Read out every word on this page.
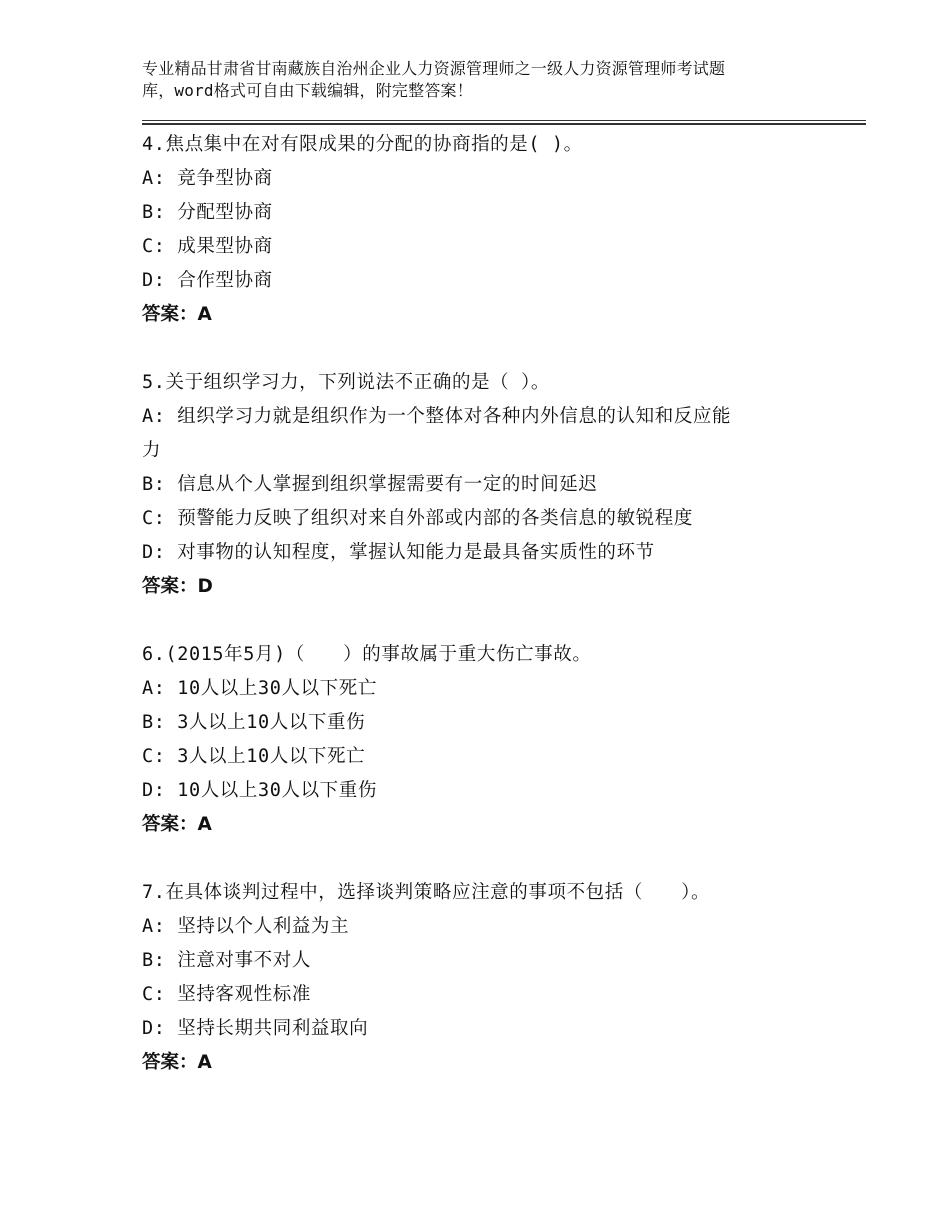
专业精品甘肃省甘南藏族自治州企业人力资源管理师之一级人力资源管理师考试题
库，word格式可自由下载编辑，附完整答案！
4.焦点集中在对有限成果的分配的协商指的是( )。
A: 竞争型协商
B: 分配型协商
C: 成果型协商
D: 合作型协商
答案：A
5.关于组织学习力，下列说法不正确的是（ ）。
A: 组织学习力就是组织作为一个整体对各种内外信息的认知和反应能
力
B: 信息从个人掌握到组织掌握需要有一定的时间延迟
C: 预警能力反映了组织对来自外部或内部的各类信息的敏锐程度
D: 对事物的认知程度，掌握认知能力是最具备实质性的环节
答案：D
6.(2015年5月)（　　）的事故属于重大伤亡事故。
A: 10人以上30人以下死亡
B: 3人以上10人以下重伤
C: 3人以上10人以下死亡
D: 10人以上30人以下重伤
答案：A
7.在具体谈判过程中，选择谈判策略应注意的事项不包括（　　）。
A: 坚持以个人利益为主
B: 注意对事不对人
C: 坚持客观性标准
D: 坚持长期共同利益取向
答案：A
